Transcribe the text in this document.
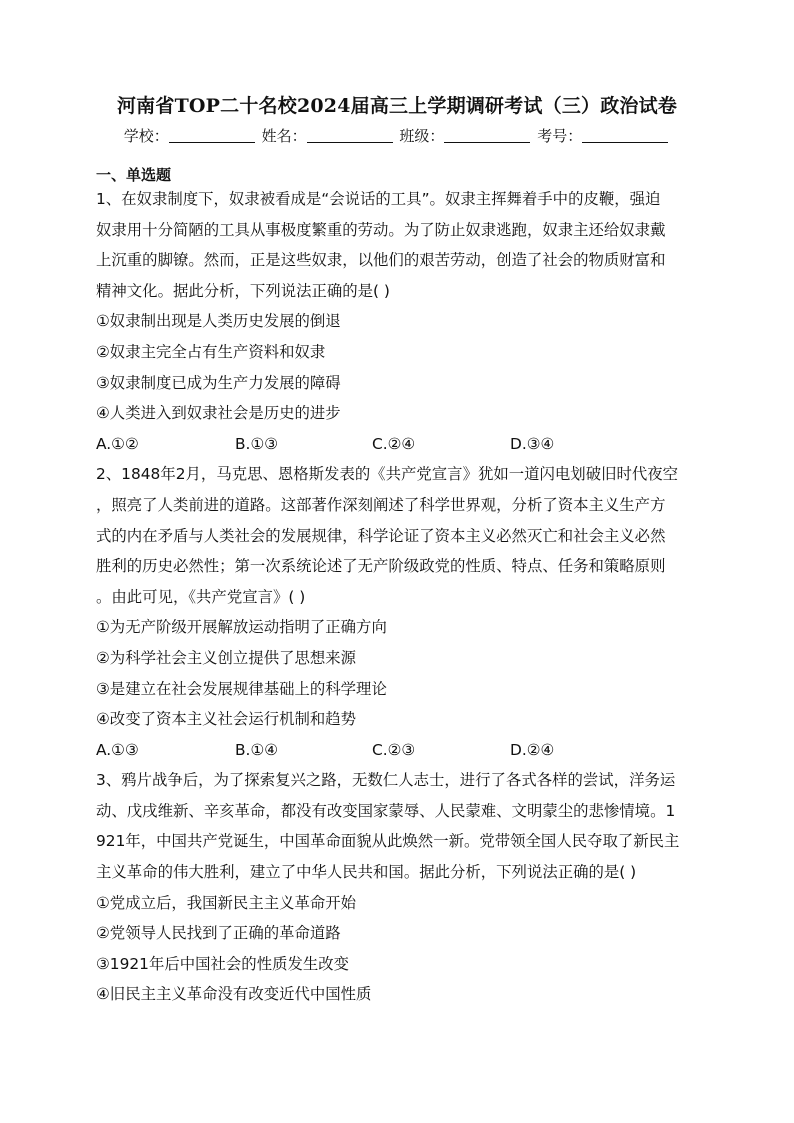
河南省TOP二十名校2024届高三上学期调研考试（三）政治试卷
学校：	姓名：	班级：	考号：
一、单选题
1、在奴隶制度下，奴隶被看成是“会说话的工具”。奴隶主挥舞着手中的皮鞭，强迫
奴隶用十分简陋的工具从事极度繁重的劳动。为了防止奴隶逃跑，奴隶主还给奴隶戴
上沉重的脚镣。然而，正是这些奴隶，以他们的艰苦劳动，创造了社会的物质财富和
精神文化。据此分析，下列说法正确的是( )
①奴隶制出现是人类历史发展的倒退
②奴隶主完全占有生产资料和奴隶
③奴隶制度已成为生产力发展的障碍
④人类进入到奴隶社会是历史的进步
A.①②	B.①③	C.②④	D.③④
2、1848年2月，马克思、恩格斯发表的《共产党宣言》犹如一道闪电划破旧时代夜空
，照亮了人类前进的道路。这部著作深刻阐述了科学世界观，分析了资本主义生产方
式的内在矛盾与人类社会的发展规律，科学论证了资本主义必然灭亡和社会主义必然
胜利的历史必然性；第一次系统论述了无产阶级政党的性质、特点、任务和策略原则
。由此可见，《共产党宣言》( )
①为无产阶级开展解放运动指明了正确方向
②为科学社会主义创立提供了思想来源
③是建立在社会发展规律基础上的科学理论
④改变了资本主义社会运行机制和趋势
A.①③	B.①④	C.②③	D.②④
3、鸦片战争后，为了探索复兴之路，无数仁人志士，进行了各式各样的尝试，洋务运
动、戊戌维新、辛亥革命，都没有改变国家蒙辱、人民蒙难、文明蒙尘的悲惨情境。1
921年，中国共产党诞生，中国革命面貌从此焕然一新。党带领全国人民夺取了新民主
主义革命的伟大胜利，建立了中华人民共和国。据此分析，下列说法正确的是( )
①党成立后，我国新民主主义革命开始
②党领导人民找到了正确的革命道路
③1921年后中国社会的性质发生改变
④旧民主主义革命没有改变近代中国性质
